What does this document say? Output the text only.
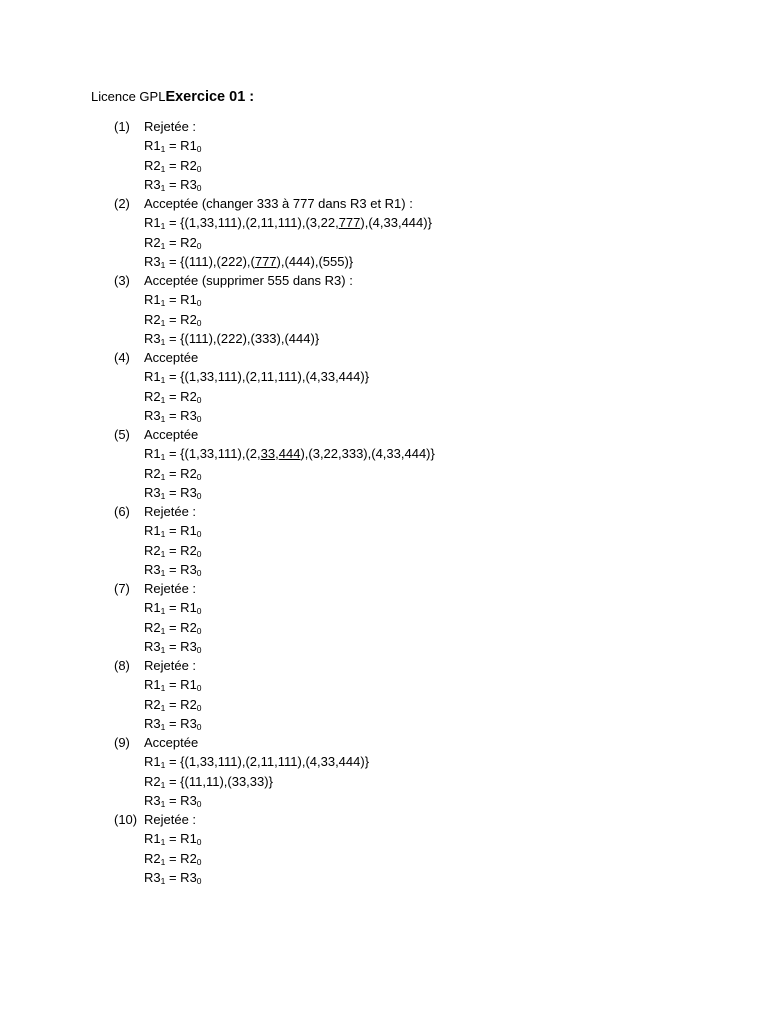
Licence GPLExercice 01 :
(1) Rejetée :
$R1_1 = R1_0$
$R2_1 = R2_0$
$R3_1 = R3_0$
(2) Acceptée (changer 333 à 777 dans R3 et R1) :
$R1_1 = \{(1,33,111),(2,11,111),(3,22,777),(4,33,444)\}$
$R2_1 = R2_0$
$R3_1 = \{(111),(222),(777),(444),(555)\}$
(3) Acceptée (supprimer 555 dans R3) :
$R1_1 = R1_0$
$R2_1 = R2_0$
$R3_1 = \{(111),(222),(333),(444)\}$
(4) Acceptée
$R1_1 = \{(1,33,111),(2,11,111),(4,33,444)\}$
$R2_1 = R2_0$
$R3_1 = R3_0$
(5) Acceptée
$R1_1 = \{(1,33,111),(2,33,444),(3,22,333),(4,33,444)\}$
$R2_1 = R2_0$
$R3_1 = R3_0$
(6) Rejetée :
$R1_1 = R1_0$
$R2_1 = R2_0$
$R3_1 = R3_0$
(7) Rejetée :
$R1_1 = R1_0$
$R2_1 = R2_0$
$R3_1 = R3_0$
(8) Rejetée :
$R1_1 = R1_0$
$R2_1 = R2_0$
$R3_1 = R3_0$
(9) Acceptée
$R1_1 = \{(1,33,111),(2,11,111),(4,33,444)\}$
$R2_1 = \{(11,11),(33,33)\}$
$R3_1 = R3_0$
(10) Rejetée :
$R1_1 = R1_0$
$R2_1 = R2_0$
$R3_1 = R3_0$
